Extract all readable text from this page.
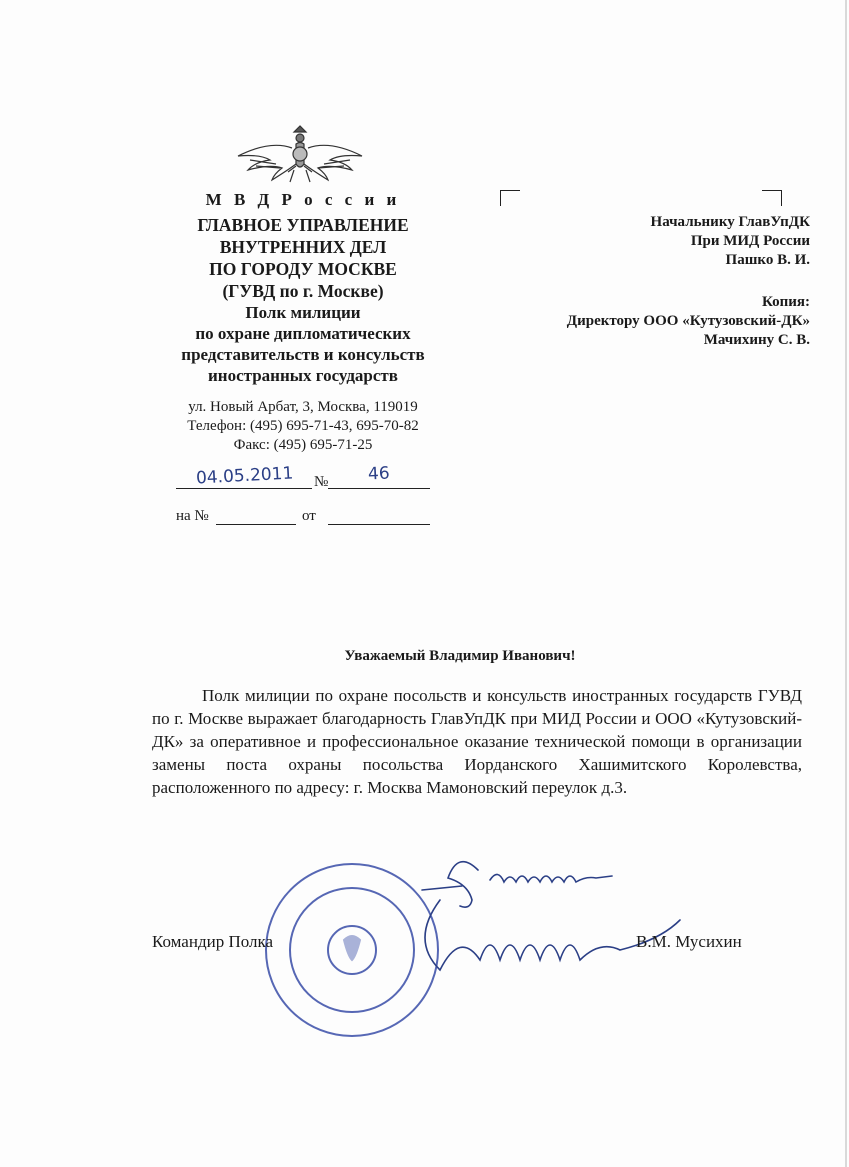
М В Д Р о с с и и
ГЛАВНОЕ УПРАВЛЕНИЕ
ВНУТРЕННИХ ДЕЛ
ПО ГОРОДУ МОСКВЕ
(ГУВД по г. Москве)
Полк милиции
по охране дипломатических
представительств и консульств
иностранных государств
ул. Новый Арбат, 3, Москва, 119019
Телефон: (495) 695-71-43, 695-70-82
Факс: (495) 695-71-25
04.05.2011 № 46
на №	от
Начальнику ГлавУпДК
При МИД России
Пашко В. И.
Копия:
Директору ООО «Кутузовский-ДК»
Мачихину С. В.
Уважаемый Владимир Иванович!

Полк милиции по охране посольств и консульств иностранных государств ГУВД по г. Москве выражает благодарность ГлавУпДК при МИД России и ООО «Кутузовский-ДК» за оперативное и профессиональное оказание технической помощи в организации замены поста охраны посольства Иорданского Хашимитского Королевства, расположенного по адресу: г. Москва Мамоновский переулок д.3.

Командир Полка	В.М. Мусихин
